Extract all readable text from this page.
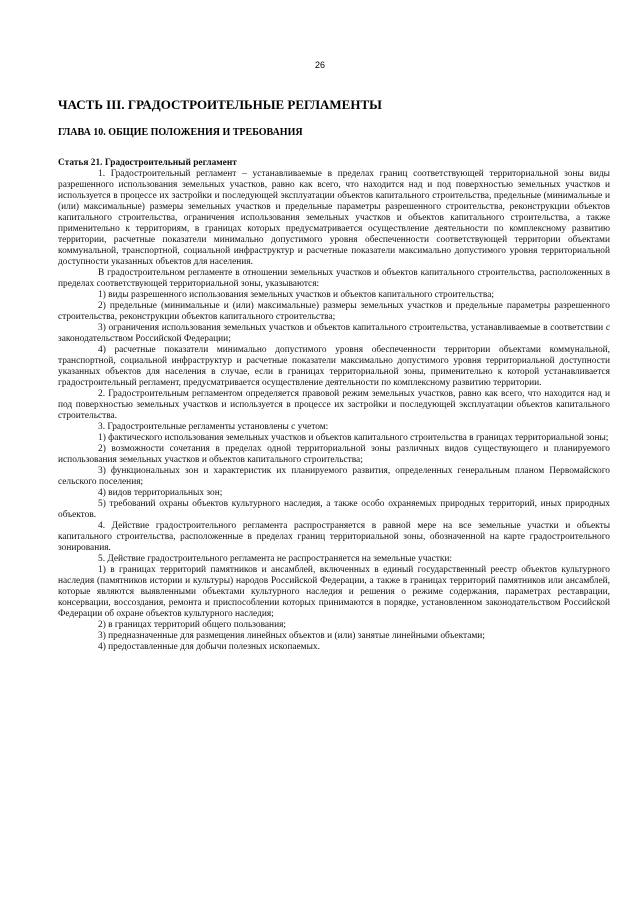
26
ЧАСТЬ III. ГРАДОСТРОИТЕЛЬНЫЕ РЕГЛАМЕНТЫ
ГЛАВА 10. ОБЩИЕ ПОЛОЖЕНИЯ И ТРЕБОВАНИЯ

Статья 21. Градостроительный регламент

1. Градостроительный регламент – устанавливаемые в пределах границ соответствующей территориальной зоны виды разрешенного использования земельных участков, равно как всего, что находится над и под поверхностью земельных участков и используется в процессе их застройки и последующей эксплуатации объектов капитального строительства, предельные (минимальные и (или) максимальные) размеры земельных участков и предельные параметры разрешенного строительства, реконструкции объектов капитального строительства, ограничения использования земельных участков и объектов капитального строительства, а также применительно к территориям, в границах которых предусматривается осуществление деятельности по комплексному развитию территории, расчетные показатели минимально допустимого уровня обеспеченности соответствующей территории объектами коммунальной, транспортной, социальной инфраструктур и расчетные показатели максимально допустимого уровня территориальной доступности указанных объектов для населения.

В градостроительном регламенте в отношении земельных участков и объектов капитального строительства, расположенных в пределах соответствующей территориальной зоны, указываются:

1) виды разрешенного использования земельных участков и объектов капитального строительства;

2) предельные (минимальные и (или) максимальные) размеры земельных участков и предельные параметры разрешенного строительства, реконструкции объектов капитального строительства;

3) ограничения использования земельных участков и объектов капитального строительства, устанавливаемые в соответствии с законодательством Российской Федерации;

4) расчетные показатели минимально допустимого уровня обеспеченности территории объектами коммунальной, транспортной, социальной инфраструктур и расчетные показатели максимально допустимого уровня территориальной доступности указанных объектов для населения в случае, если в границах территориальной зоны, применительно к которой устанавливается градостроительный регламент, предусматривается осуществление деятельности по комплексному развитию территории.

2. Градостроительным регламентом определяется правовой режим земельных участков, равно как всего, что находится над и под поверхностью земельных участков и используется в процессе их застройки и последующей эксплуатации объектов капитального строительства.

3. Градостроительные регламенты установлены с учетом:

1) фактического использования земельных участков и объектов капитального строительства в границах территориальной зоны;

2) возможности сочетания в пределах одной территориальной зоны различных видов существующего и планируемого использования земельных участков и объектов капитального строительства;

3) функциональных зон и характеристик их планируемого развития, определенных генеральным планом Первомайского сельского поселения;

4) видов территориальных зон;

5) требований охраны объектов культурного наследия, а также особо охраняемых природных территорий, иных природных объектов.

4. Действие градостроительного регламента распространяется в равной мере на все земельные участки и объекты капитального строительства, расположенные в пределах границ территориальной зоны, обозначенной на карте градостроительного зонирования.

5. Действие градостроительного регламента не распространяется на земельные участки:

1) в границах территорий памятников и ансамблей, включенных в единый государственный реестр объектов культурного наследия (памятников истории и культуры) народов Российской Федерации, а также в границах территорий памятников или ансамблей, которые являются выявленными объектами культурного наследия и решения о режиме содержания, параметрах реставрации, консервации, воссоздания, ремонта и приспособлении которых принимаются в порядке, установленном законодательством Российской Федерации об охране объектов культурного наследия;

2) в границах территорий общего пользования;

3) предназначенные для размещения линейных объектов и (или) занятые линейными объектами;

4) предоставленные для добычи полезных ископаемых.
